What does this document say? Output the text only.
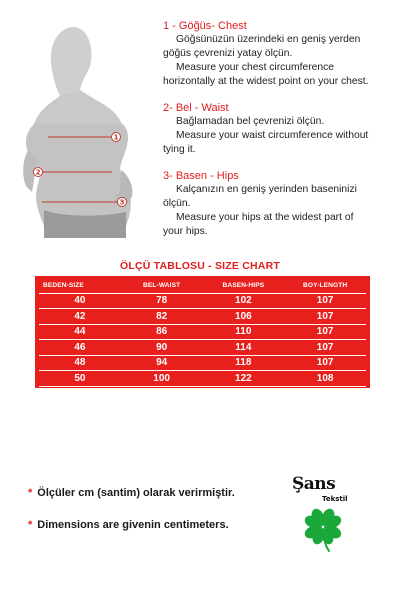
1
2
3
1 - Göğüs- Chest
Göğsünüzün üzerindeki en geniş yerden
göğüs çevrenizi yatay ölçün.
Measure your chest circumference
horizontally at the widest point on your chest.
2- Bel - Waist
Bağlamadan bel çevrenizi ölçün.
Measure your waist circumference without
tying it.
3- Basen - Hips
Kalçanızın en geniş yerinden baseninizi
ölçün.
Measure your hips at the widest part of
your hips.
ÖLÇÜ TABLOSU - SIZE CHART
BEDEN-SIZE	BEL-WAIST	BASEN-HIPS	BOY-LENGTH
40	78	102	107
42	82	106	107
44	86	110	107
46	90	114	107
48	94	118	107
50	100	122	108
* Ölçüler cm (santim) olarak verirmiştir.
* Dimensions are givenin centimeters.
Şans
Tekstil
